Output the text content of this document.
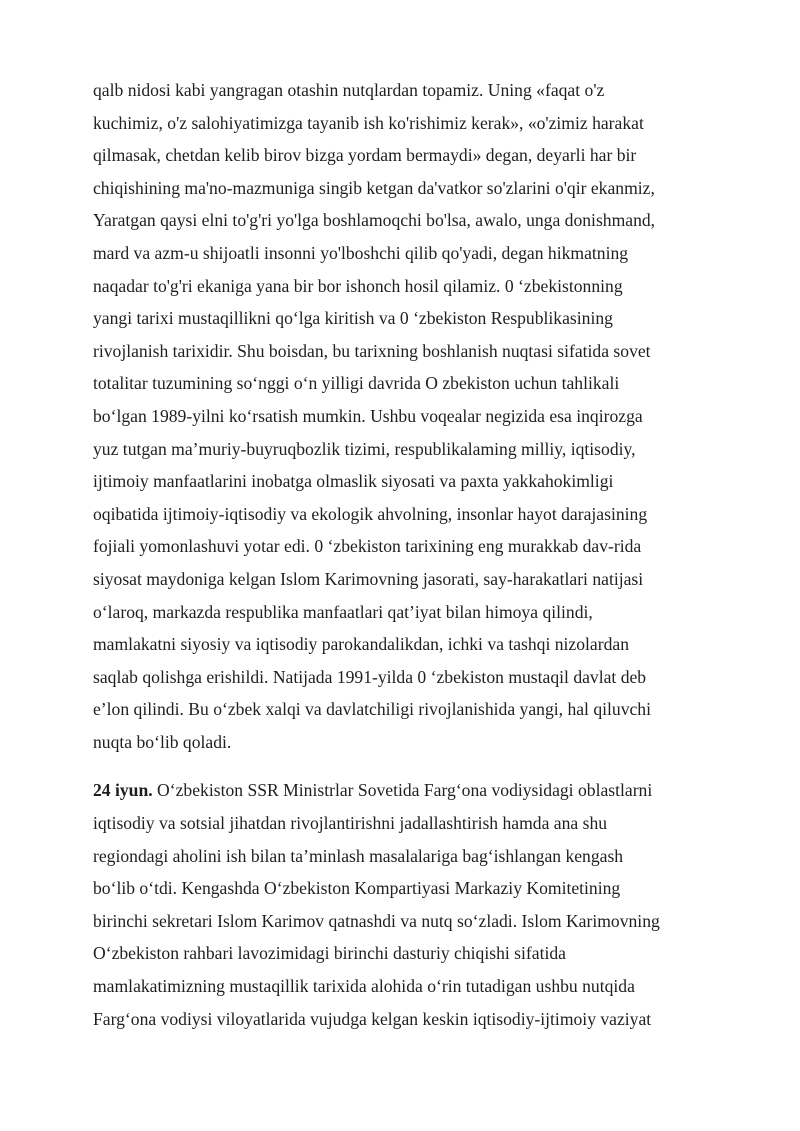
qalb nidosi kabi yangragan otashin nutqlardan topamiz. Uning «faqat o'z
kuchimiz, o'z salohiyatimizga tayanib ish ko'rishimiz kerak», «o'zimiz harakat
qilmasak, chetdan kelib birov bizga yordam bermaydi» degan, deyarli har bir
chiqishining ma'no-mazmuniga singib ketgan da'vatkor so'zlarini o'qir ekanmiz,
Yaratgan qaysi elni to'g'ri yo'lga boshlamoqchi bo'lsa, awalo, unga donishmand,
mard va azm-u shijoatli insonni yo'lboshchi qilib qo'yadi, degan hikmatning
naqadar to'g'ri ekaniga yana bir bor ishonch hosil qilamiz. 0 ‘zbekistonning
yangi tarixi mustaqillikni qo‘lga kiritish va 0 ‘zbekiston Respublikasining
rivojlanish tarixidir. Shu boisdan, bu tarixning boshlanish nuqtasi sifatida sovet
totalitar tuzumining so‘nggi o‘n yilligi davrida O zbekiston uchun tahlikali
bo‘lgan 1989-yilni ko‘rsatish mumkin. Ushbu voqealar negizida esa inqirozga
yuz tutgan ma’muriy-buyruqbozlik tizimi, respublikalaming milliy, iqtisodiy,
ijtimoiy manfaatlarini inobatga olmaslik siyosati va paxta yakkahokimligi
oqibatida ijtimoiy-iqtisodiy va ekologik ahvolning, insonlar hayot darajasining
fojiali yomonlashuvi yotar edi. 0 ‘zbekiston tarixining eng murakkab dav-rida
siyosat maydoniga kelgan Islom Karimovning jasorati, say-harakatlari natijasi
o‘laroq, markazda respublika manfaatlari qat’iyat bilan himoya qilindi,
mamlakatni siyosiy va iqtisodiy parokandalikdan, ichki va tashqi nizolardan
saqlab qolishga erishildi. Natijada 1991-yilda 0 ‘zbekiston mustaqil davlat deb
e’lon qilindi. Bu o‘zbek xalqi va davlatchiligi rivojlanishida yangi, hal qiluvchi
nuqta bo‘lib qoladi.
24 iyun. O‘zbekiston SSR Ministrlar Sovetida Farg‘ona vodiysidagi oblastlarni
iqtisodiy va sotsial jihatdan rivojlantirishni jadallashtirish hamda ana shu
regiondagi aholini ish bilan ta’minlash masalalariga bag‘ishlangan kengash
bo‘lib o‘tdi. Kengashda O‘zbekiston Kompartiyasi Markaziy Komitetining
birinchi sekretari Islom Karimov qatnashdi va nutq so‘zladi. Islom Karimovning
O‘zbekiston rahbari lavozimidagi birinchi dasturiy chiqishi sifatida
mamlakatimizning mustaqillik tarixida alohida o‘rin tutadigan ushbu nutqida
Farg‘ona vodiysi viloyatlarida vujudga kelgan keskin iqtisodiy-ijtimoiy vaziyat
